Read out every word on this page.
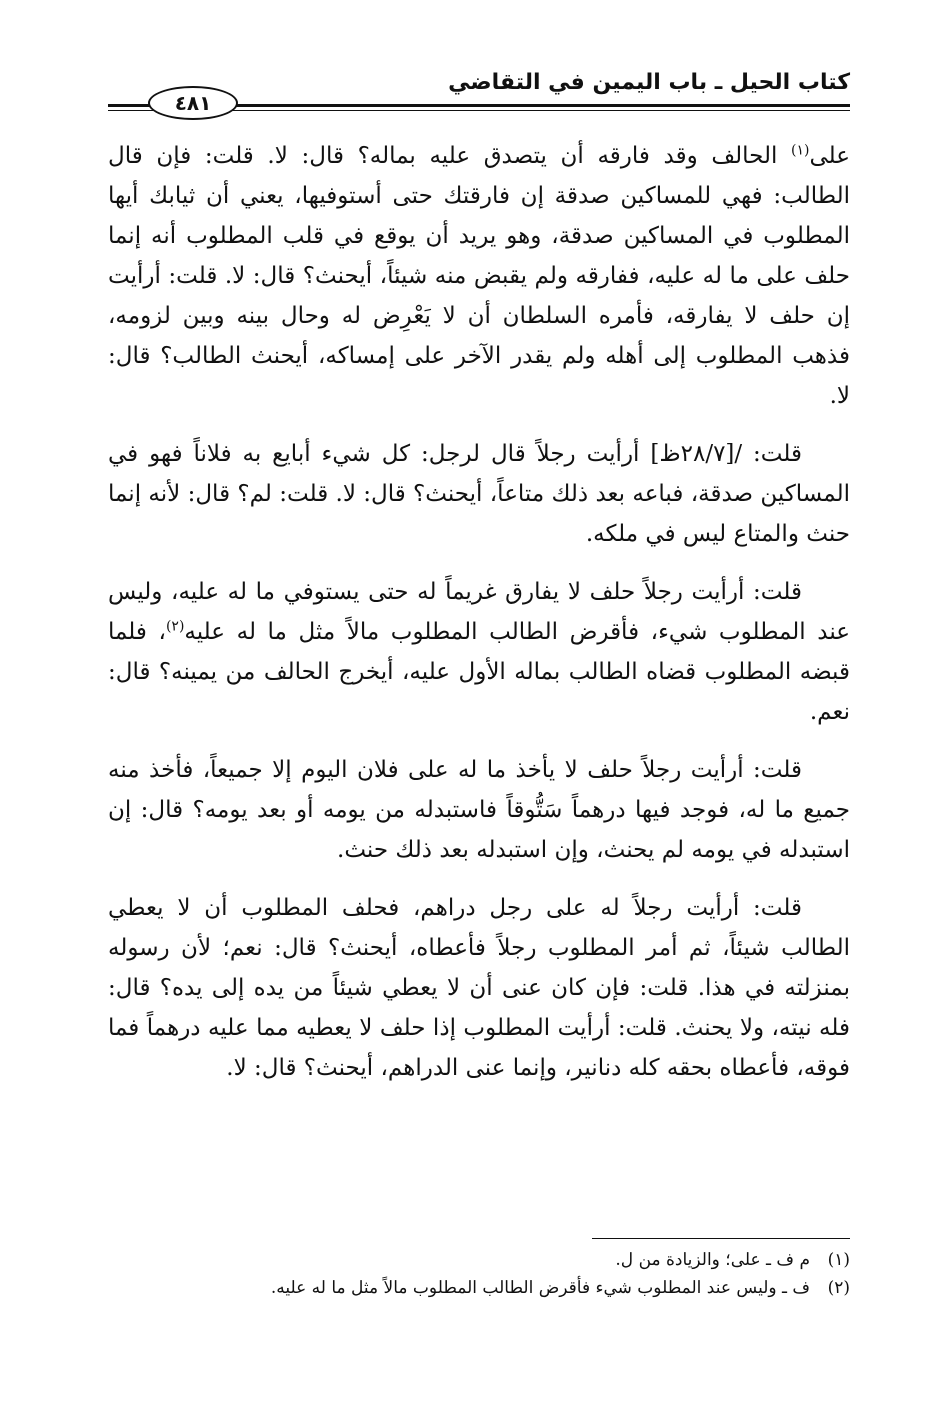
كتاب الحيل ـ باب اليمين في التقاضي
٤٨١

على$^{(١)}$ الحالف وقد فارقه أن يتصدق عليه بماله؟ قال: لا. قلت: فإن قال الطالب: فهي للمساكين صدقة إن فارقتك حتى أستوفيها، يعني أن ثيابك أيها المطلوب في المساكين صدقة، وهو يريد أن يوقع في قلب المطلوب أنه إنما حلف على ما له عليه، ففارقه ولم يقبض منه شيئاً، أيحنث؟ قال: لا. قلت: أرأيت إن حلف لا يفارقه، فأمره السلطان أن لا يَعْرِض له وحال بينه وبين لزومه، فذهب المطلوب إلى أهله ولم يقدر الآخر على إمساكه، أيحنث الطالب؟ قال: لا.

قلت: /[٢٨/٧ظ] أرأيت رجلاً قال لرجل: كل شيء أبايع به فلاناً فهو في المساكين صدقة، فباعه بعد ذلك متاعاً، أيحنث؟ قال: لا. قلت: لم؟ قال: لأنه إنما حنث والمتاع ليس في ملكه.

قلت: أرأيت رجلاً حلف لا يفارق غريماً له حتى يستوفي ما له عليه، وليس عند المطلوب شيء، فأقرض الطالب المطلوب مالاً مثل ما له عليه$^{(٢)}$، فلما قبضه المطلوب قضاه الطالب بماله الأول عليه، أيخرج الحالف من يمينه؟ قال: نعم.

قلت: أرأيت رجلاً حلف لا يأخذ ما له على فلان اليوم إلا جميعاً، فأخذ منه جميع ما له، فوجد فيها درهماً سَتُّوقاً فاستبدله من يومه أو بعد يومه؟ قال: إن استبدله في يومه لم يحنث، وإن استبدله بعد ذلك حنث.

قلت: أرأيت رجلاً له على رجل دراهم، فحلف المطلوب أن لا يعطي الطالب شيئاً، ثم أمر المطلوب رجلاً فأعطاه، أيحنث؟ قال: نعم؛ لأن رسوله بمنزلته في هذا. قلت: فإن كان عنى أن لا يعطي شيئاً من يده إلى يده؟ قال: فله نيته، ولا يحنث. قلت: أرأيت المطلوب إذا حلف لا يعطيه مما عليه درهماً فما فوقه، فأعطاه بحقه كله دنانير، وإنما عنى الدراهم، أيحنث؟ قال: لا.

(١)
م ف ـ على؛ والزيادة من ل.
(٢)
ف ـ وليس عند المطلوب شيء فأقرض الطالب المطلوب مالاً مثل ما له عليه.
